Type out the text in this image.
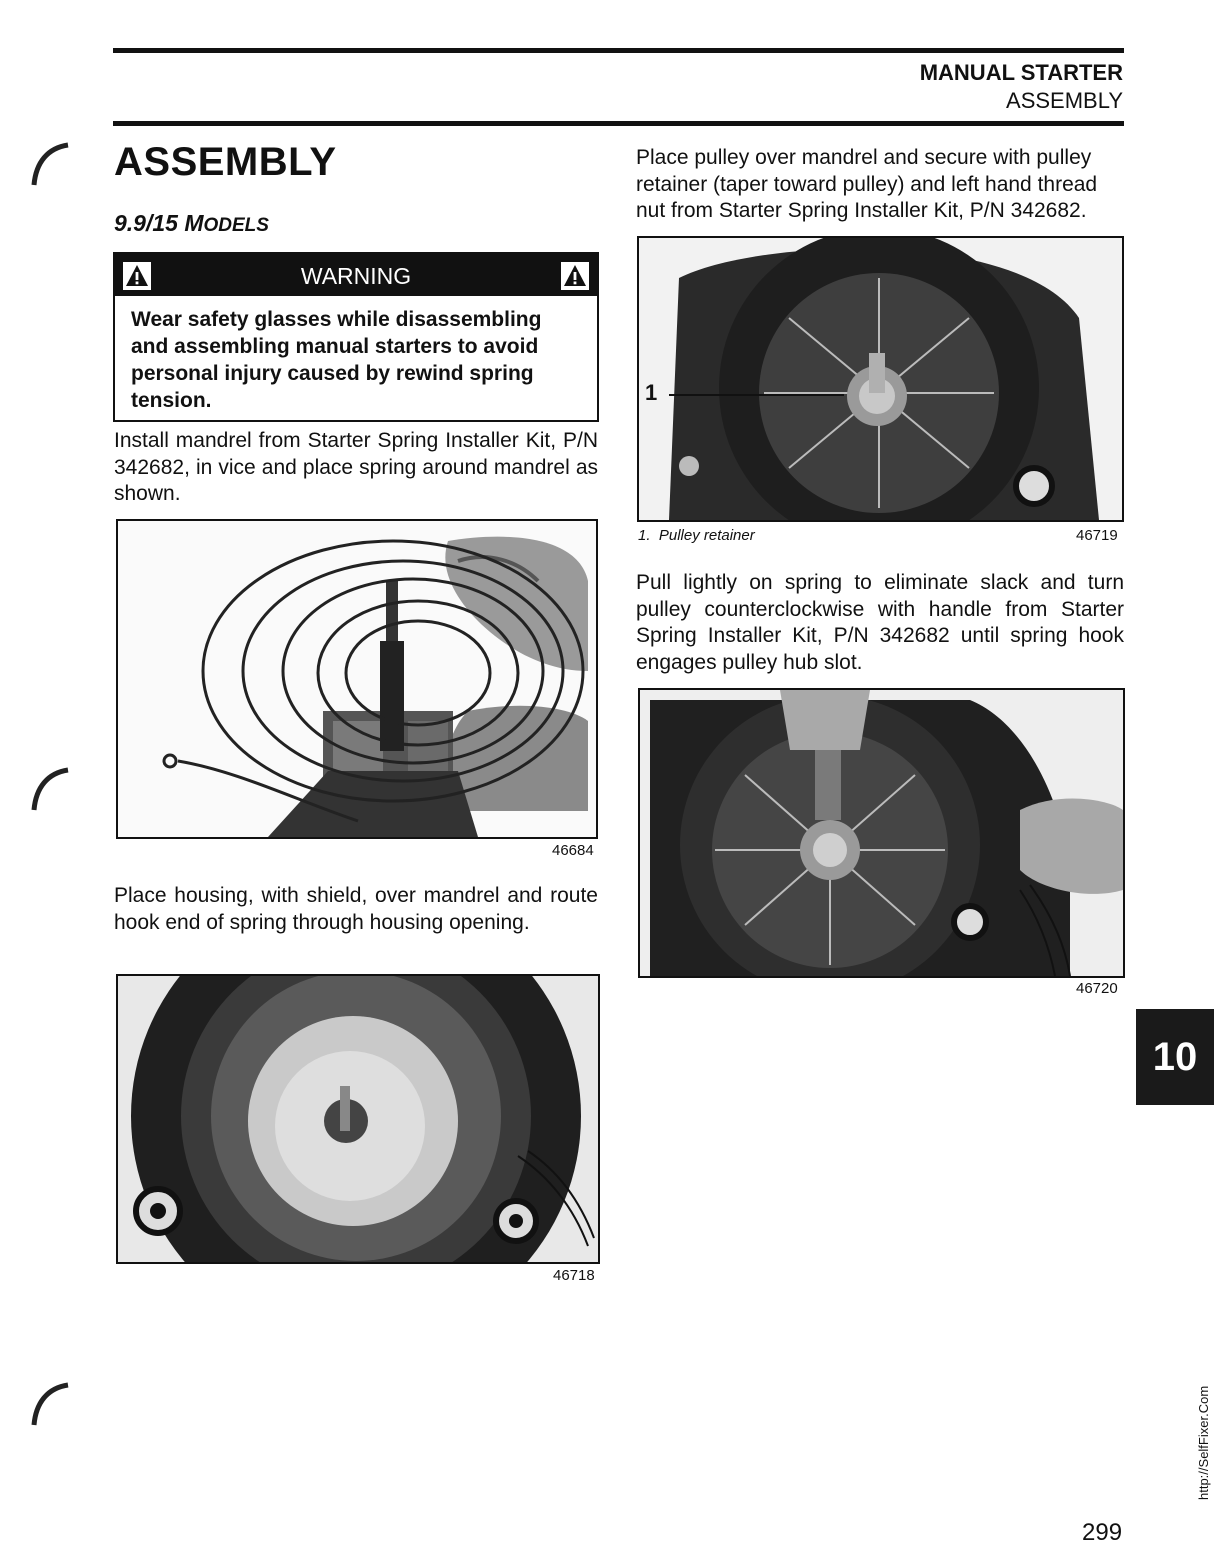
MANUAL STARTER
ASSEMBLY
ASSEMBLY
9.9/15 MODELS
WARNING
Wear safety glasses while disassembling and assembling manual starters to avoid personal injury caused by rewind spring tension.
Install mandrel from Starter Spring Installer Kit, P/N 342682, in vice and place spring around mandrel as shown.
46684
Place housing, with shield, over mandrel and route hook end of spring through housing opening.
46718
Place pulley over mandrel and secure with pulley retainer (taper toward pulley) and left hand thread nut from Starter Spring Installer Kit, P/N 342682.
1
1. Pulley retainer	46719
Pull lightly on spring to eliminate slack and turn pulley counterclockwise with handle from Starter Spring Installer Kit, P/N 342682 until spring hook engages pulley hub slot.
46720
10
http://SelfFixer.Com
299
